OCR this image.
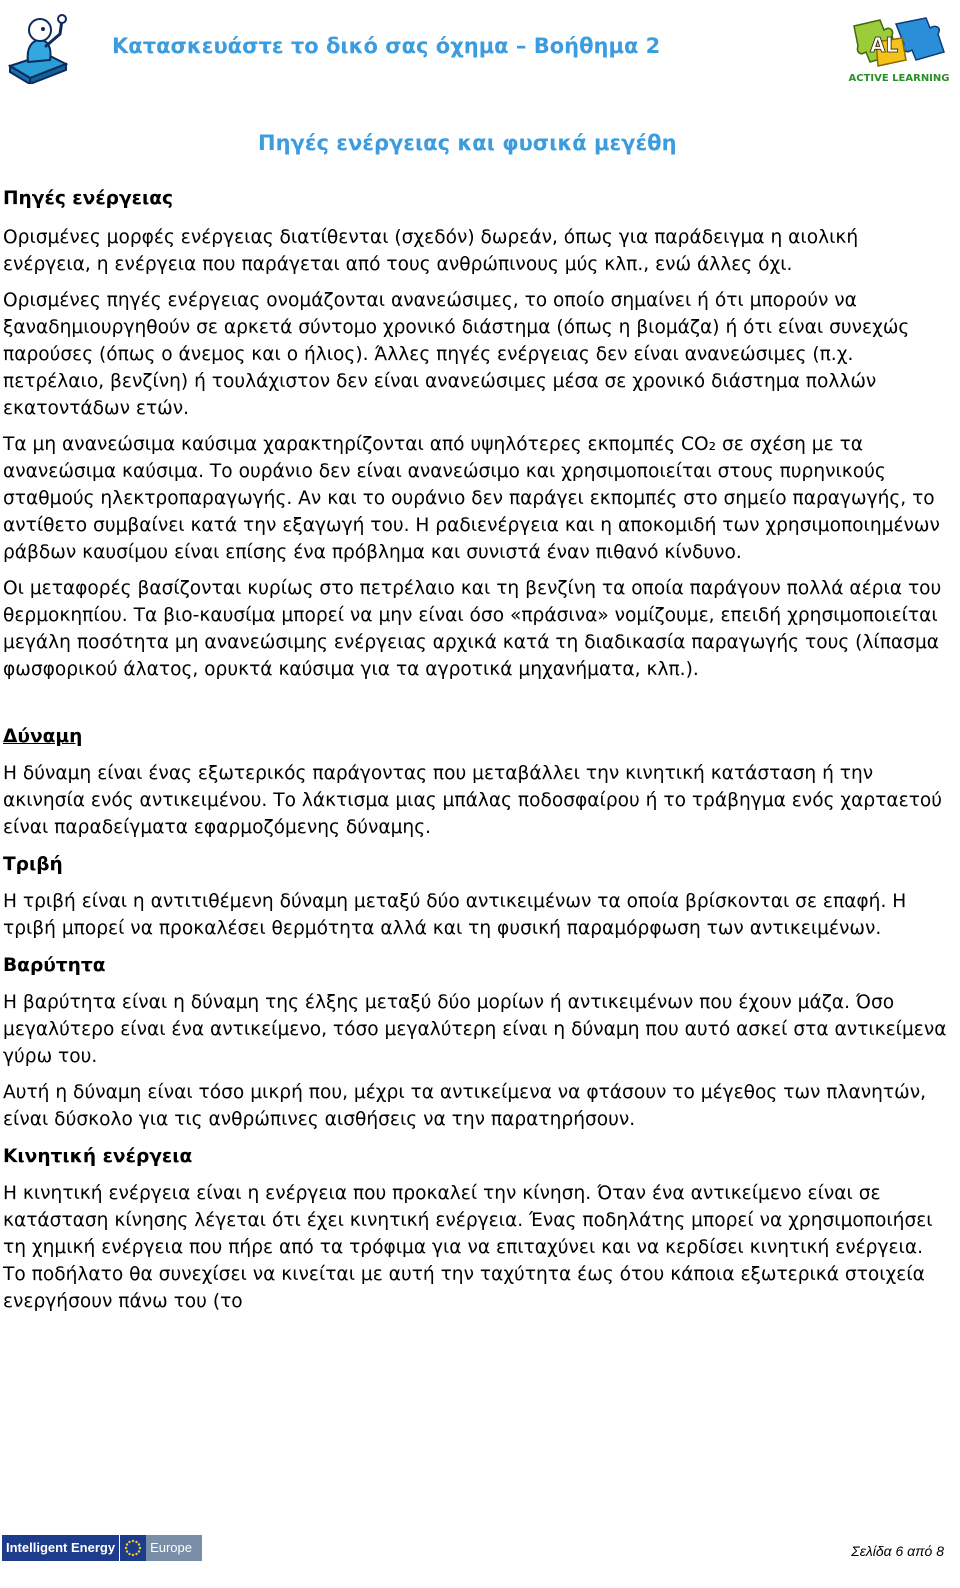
Κατασκευάστε το δικό σας όχημα – Βοήθημα 2	AL
ACTIVE LEARNING
Πηγές ενέργειας και φυσικά μεγέθη
Πηγές ενέργειας

Ορισμένες μορφές ενέργειας διατίθενται (σχεδόν) δωρεάν, όπως για παράδειγμα η αιολική ενέργεια, η ενέργεια που παράγεται από τους ανθρώπινους μύς κλπ., ενώ άλλες όχι.

Ορισμένες πηγές ενέργειας ονομάζονται ανανεώσιμες, το οποίο σημαίνει ή ότι μπορούν να ξαναδημιουργηθούν σε αρκετά σύντομο χρονικό διάστημα (όπως η βιομάζα) ή ότι είναι συνεχώς παρούσες (όπως ο άνεμος και ο ήλιος). Άλλες πηγές ενέργειας δεν είναι ανανεώσιμες (π.χ. πετρέλαιο, βενζίνη) ή τουλάχιστον δεν είναι ανανεώσιμες μέσα σε χρονικό διάστημα πολλών εκατοντάδων ετών.

Τα μη ανανεώσιμα καύσιμα χαρακτηρίζονται από υψηλότερες εκπομπές CO₂ σε σχέση με τα ανανεώσιμα καύσιμα. Το ουράνιο δεν είναι ανανεώσιμο και χρησιμοποιείται στους πυρηνικούς σταθμούς ηλεκτροπαραγωγής. Αν και το ουράνιο δεν παράγει εκπομπές στο σημείο παραγωγής, το αντίθετο συμβαίνει κατά την εξαγωγή του. Η ραδιενέργεια και η αποκομιδή των χρησιμοποιημένων ράβδων καυσίμου είναι επίσης ένα πρόβλημα και συνιστά έναν πιθανό κίνδυνο.

Οι μεταφορές βασίζονται κυρίως στο πετρέλαιο και τη βενζίνη τα οποία παράγουν πολλά αέρια του θερμοκηπίου. Τα βιο-καυσίμα μπορεί να μην είναι όσο «πράσινα» νομίζουμε, επειδή χρησιμοποιείται μεγάλη ποσότητα μη ανανεώσιμης ενέργειας αρχικά κατά τη διαδικασία παραγωγής τους (λίπασμα φωσφορικού άλατος, ορυκτά καύσιμα για τα αγροτικά μηχανήματα, κλπ.).

Δύναμη

Η δύναμη είναι ένας εξωτερικός παράγοντας που μεταβάλλει την κινητική κατάσταση ή την ακινησία ενός αντικειμένου. Το λάκτισμα μιας μπάλας ποδοσφαίρου ή το τράβηγμα ενός χαρταετού είναι παραδείγματα εφαρμοζόμενης δύναμης.

Τριβή

Η τριβή είναι η αντιτιθέμενη δύναμη μεταξύ δύο αντικειμένων τα οποία βρίσκονται σε επαφή. Η τριβή μπορεί να προκαλέσει θερμότητα αλλά και τη φυσική παραμόρφωση των αντικειμένων.

Βαρύτητα

Η βαρύτητα είναι η δύναμη της έλξης μεταξύ δύο μορίων ή αντικειμένων που έχουν μάζα. Όσο μεγαλύτερο είναι ένα αντικείμενο, τόσο μεγαλύτερη είναι η δύναμη που αυτό ασκεί στα αντικείμενα γύρω του.

Αυτή η δύναμη είναι τόσο μικρή που, μέχρι τα αντικείμενα να φτάσουν το μέγεθος των πλανητών, είναι δύσκολο για τις ανθρώπινες αισθήσεις να την παρατηρήσουν.

Κινητική ενέργεια

Η κινητική ενέργεια είναι η ενέργεια που προκαλεί την κίνηση. Όταν ένα αντικείμενο είναι σε κατάσταση κίνησης λέγεται ότι έχει κινητική ενέργεια. Ένας ποδηλάτης μπορεί να χρησιμοποιήσει τη χημική ενέργεια που πήρε από τα τρόφιμα για να επιταχύνει και να κερδίσει κινητική ενέργεια. Το ποδήλατο θα συνεχίσει να κινείται με αυτή την ταχύτητα έως ότου κάποια εξωτερικά στοιχεία ενεργήσουν πάνω του (το

Intelligent Energy	Europe	Σελίδα 6 από 8
